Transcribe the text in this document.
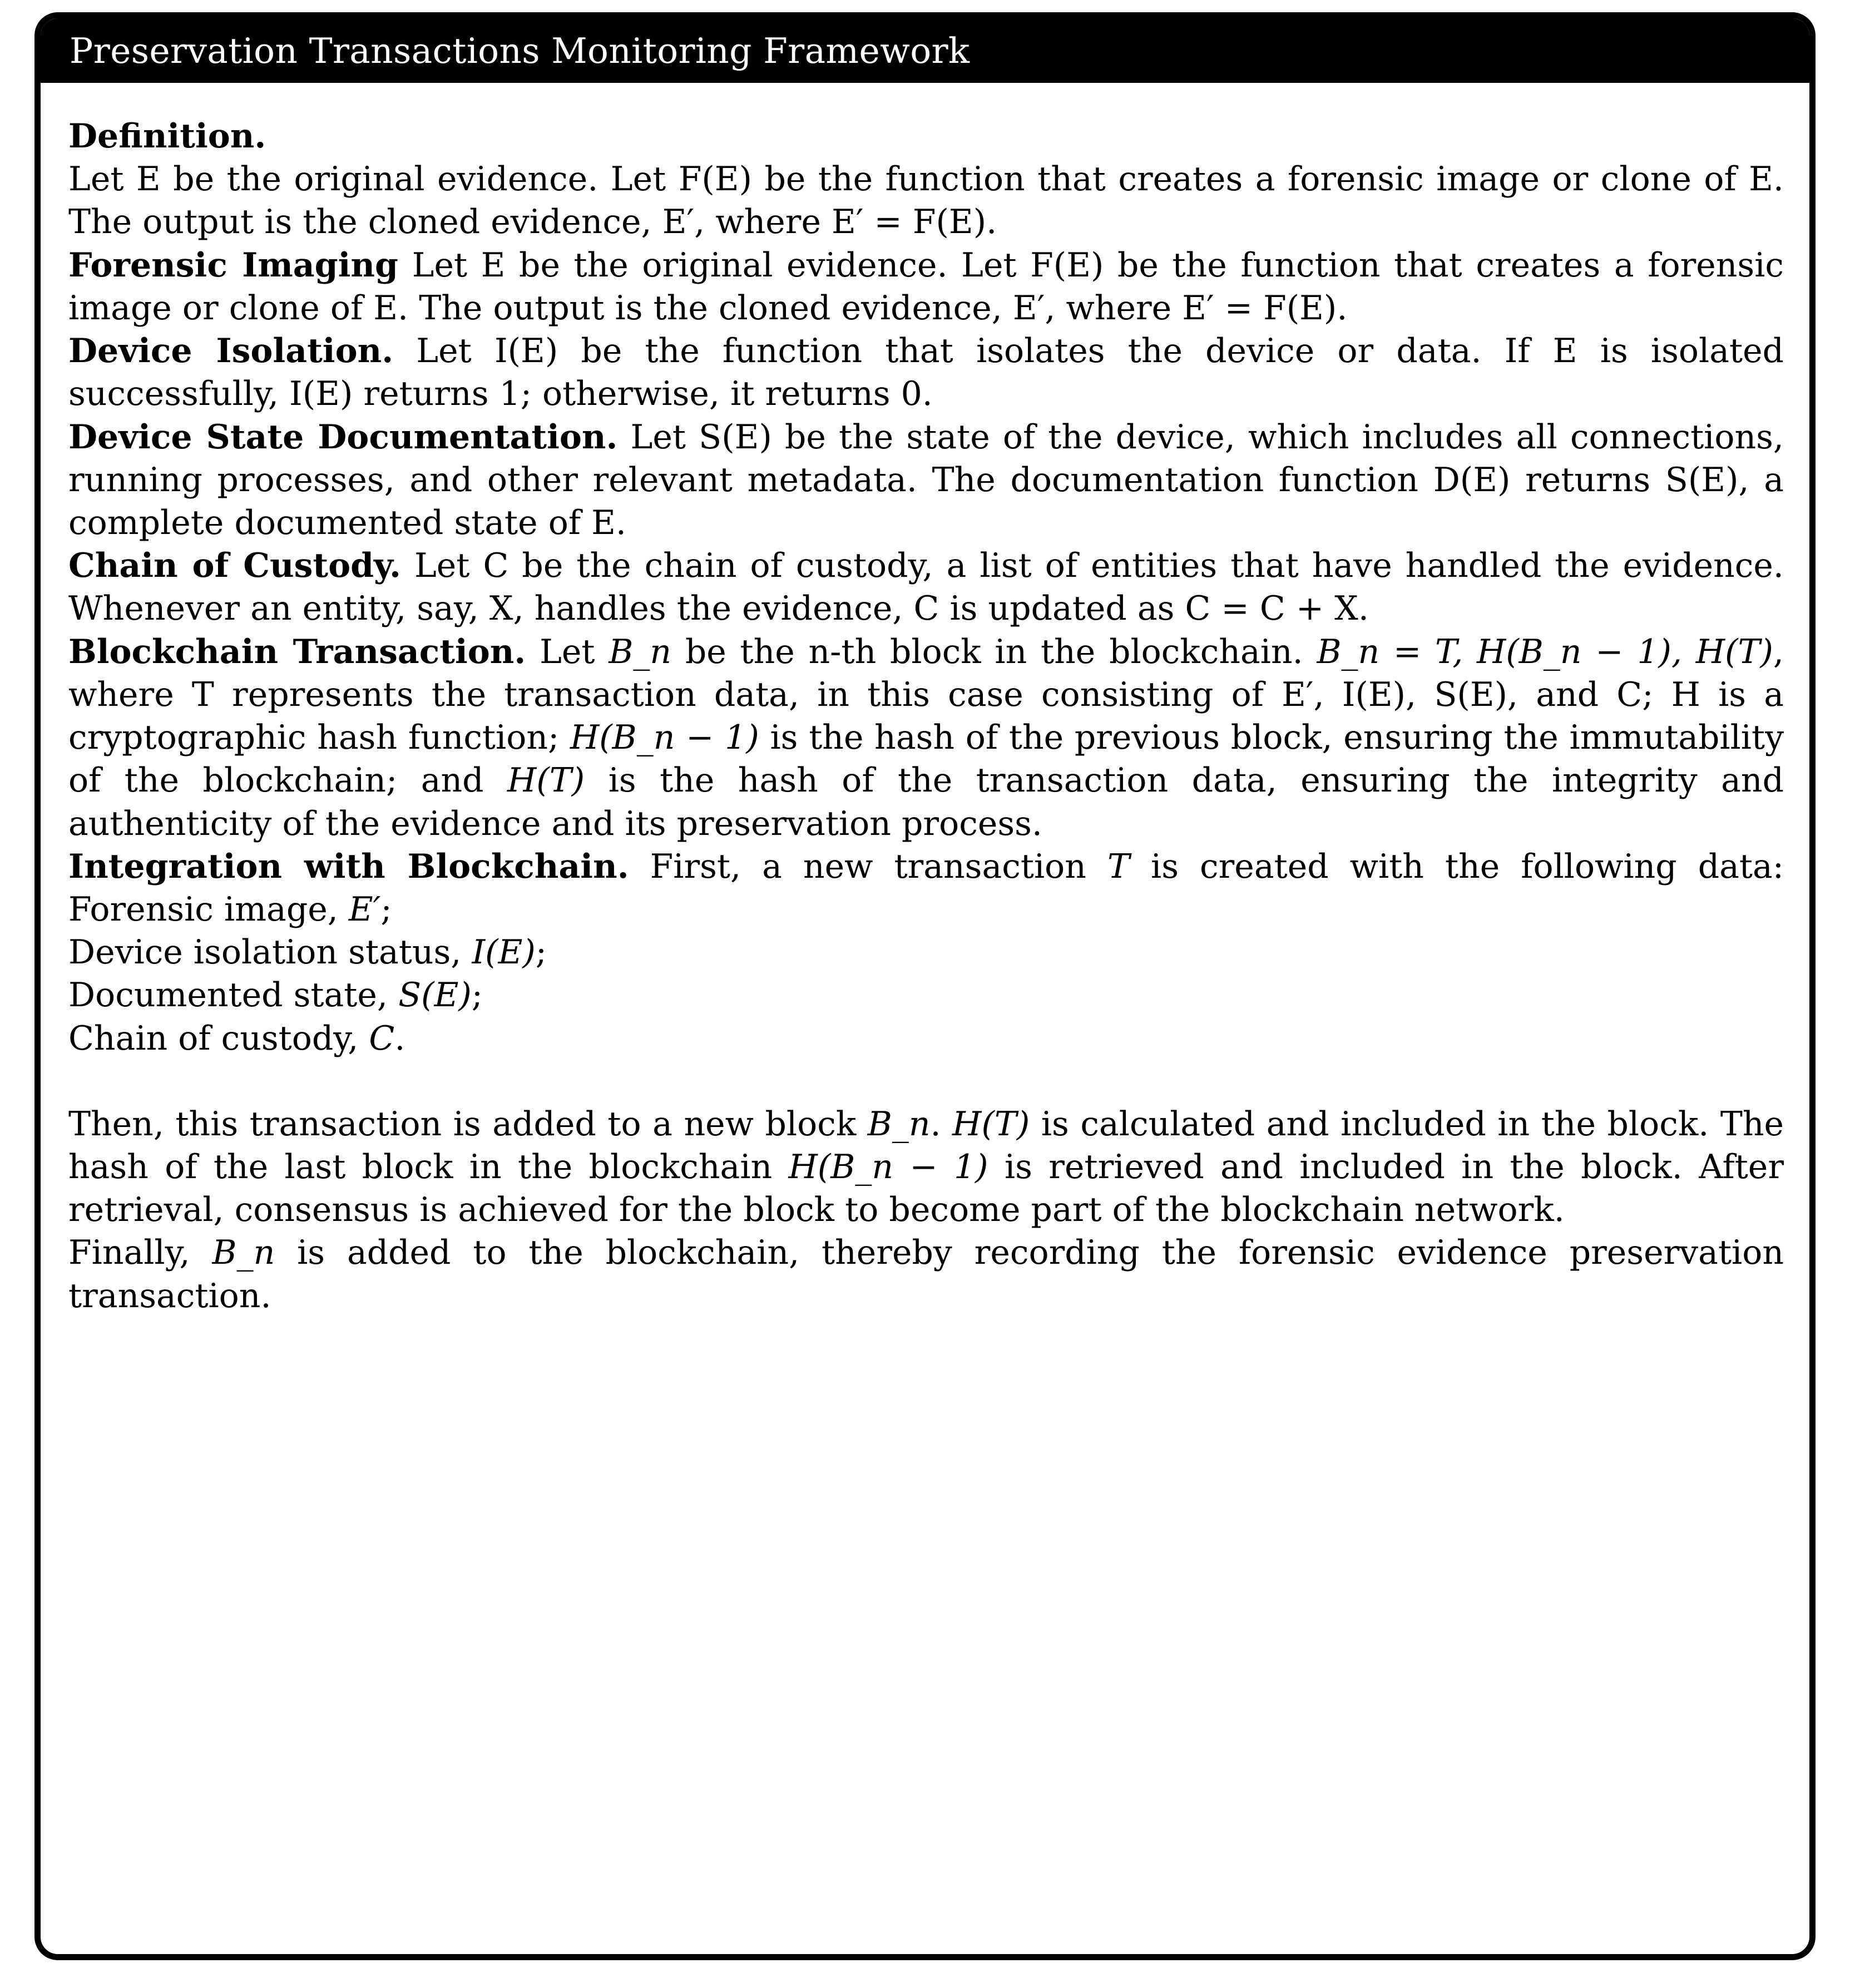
Preservation Transactions Monitoring Framework

Definition.

Let E be the original evidence. Let F(E) be the function that creates a forensic image or clone of E. The output is the cloned evidence, E′, where E′ = F(E).

Forensic Imaging Let E be the original evidence. Let F(E) be the function that creates a forensic image or clone of E. The output is the cloned evidence, E′, where E′ = F(E).

Device Isolation. Let I(E) be the function that isolates the device or data. If E is isolated successfully, I(E) returns 1; otherwise, it returns 0.

Device State Documentation. Let S(E) be the state of the device, which includes all connections, running processes, and other relevant metadata. The documentation function D(E) returns S(E), a complete documented state of E.

Chain of Custody. Let C be the chain of custody, a list of entities that have handled the evidence. Whenever an entity, say, X, handles the evidence, C is updated as C = C + X.

Blockchain Transaction. Let B_n be the n-th block in the blockchain. B_n = T, H(B_n − 1), H(T), where T represents the transaction data, in this case consisting of E′, I(E), S(E), and C; H is a cryptographic hash function; H(B_n − 1) is the hash of the previous block, ensuring the immutability of the blockchain; and H(T) is the hash of the transaction data, ensuring the integrity and authenticity of the evidence and its preservation process.

Integration with Blockchain. First, a new transaction T is created with the following data: Forensic image, E′;

Device isolation status, I(E);

Documented state, S(E);

Chain of custody, C.

Then, this transaction is added to a new block B_n. H(T) is calculated and included in the block. The hash of the last block in the blockchain H(B_n − 1) is retrieved and included in the block. After retrieval, consensus is achieved for the block to become part of the blockchain network.

Finally, B_n is added to the blockchain, thereby recording the forensic evidence preservation transaction.
